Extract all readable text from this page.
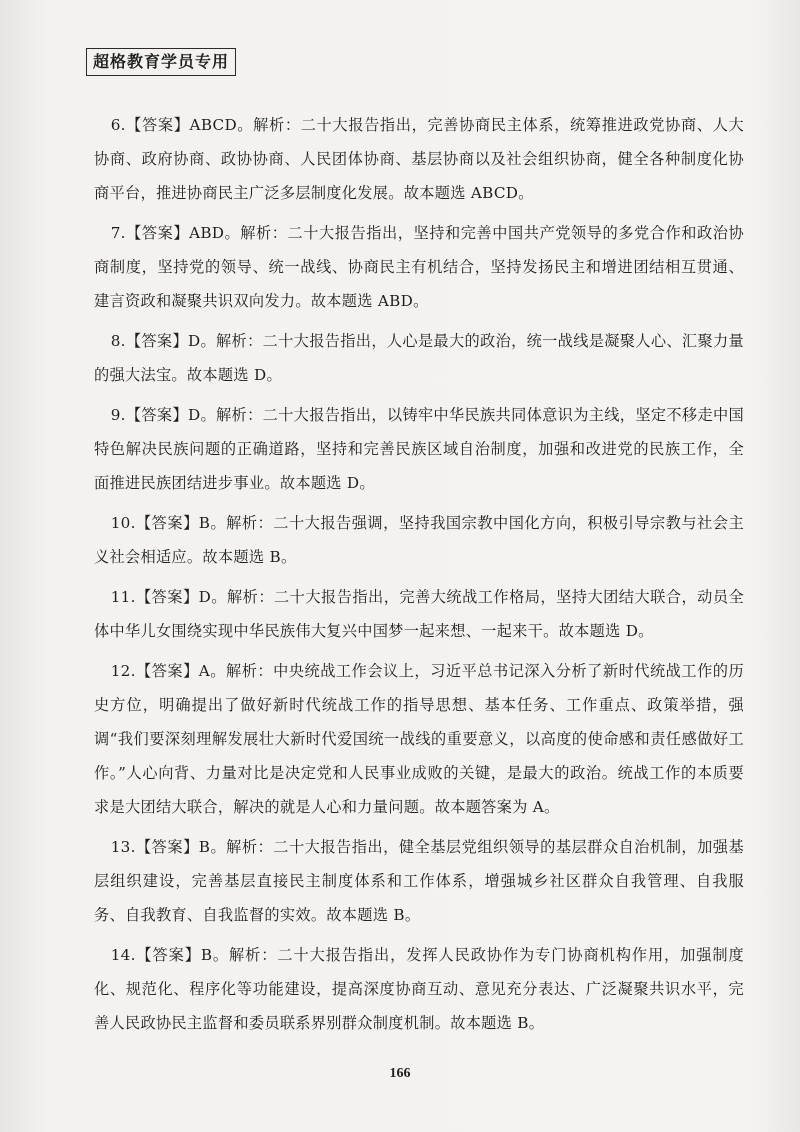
超格教育学员专用

6.【答案】ABCD。解析：二十大报告指出，完善协商民主体系，统筹推进政党协商、人大协商、政府协商、政协协商、人民团体协商、基层协商以及社会组织协商，健全各种制度化协商平台，推进协商民主广泛多层制度化发展。故本题选 ABCD。

7.【答案】ABD。解析：二十大报告指出，坚持和完善中国共产党领导的多党合作和政治协商制度，坚持党的领导、统一战线、协商民主有机结合，坚持发扬民主和增进团结相互贯通、建言资政和凝聚共识双向发力。故本题选 ABD。

8.【答案】D。解析：二十大报告指出，人心是最大的政治，统一战线是凝聚人心、汇聚力量的强大法宝。故本题选 D。

9.【答案】D。解析：二十大报告指出，以铸牢中华民族共同体意识为主线，坚定不移走中国特色解决民族问题的正确道路，坚持和完善民族区域自治制度，加强和改进党的民族工作，全面推进民族团结进步事业。故本题选 D。

10.【答案】B。解析：二十大报告强调，坚持我国宗教中国化方向，积极引导宗教与社会主义社会相适应。故本题选 B。

11.【答案】D。解析：二十大报告指出，完善大统战工作格局，坚持大团结大联合，动员全体中华儿女围绕实现中华民族伟大复兴中国梦一起来想、一起来干。故本题选 D。

12.【答案】A。解析：中央统战工作会议上，习近平总书记深入分析了新时代统战工作的历史方位，明确提出了做好新时代统战工作的指导思想、基本任务、工作重点、政策举措，强调“我们要深刻理解发展壮大新时代爱国统一战线的重要意义，以高度的使命感和责任感做好工作。”人心向背、力量对比是决定党和人民事业成败的关键，是最大的政治。统战工作的本质要求是大团结大联合，解决的就是人心和力量问题。故本题答案为 A。

13.【答案】B。解析：二十大报告指出，健全基层党组织领导的基层群众自治机制，加强基层组织建设，完善基层直接民主制度体系和工作体系，增强城乡社区群众自我管理、自我服务、自我教育、自我监督的实效。故本题选 B。

14.【答案】B。解析：二十大报告指出，发挥人民政协作为专门协商机构作用，加强制度化、规范化、程序化等功能建设，提高深度协商互动、意见充分表达、广泛凝聚共识水平，完善人民政协民主监督和委员联系界别群众制度机制。故本题选 B。

166
